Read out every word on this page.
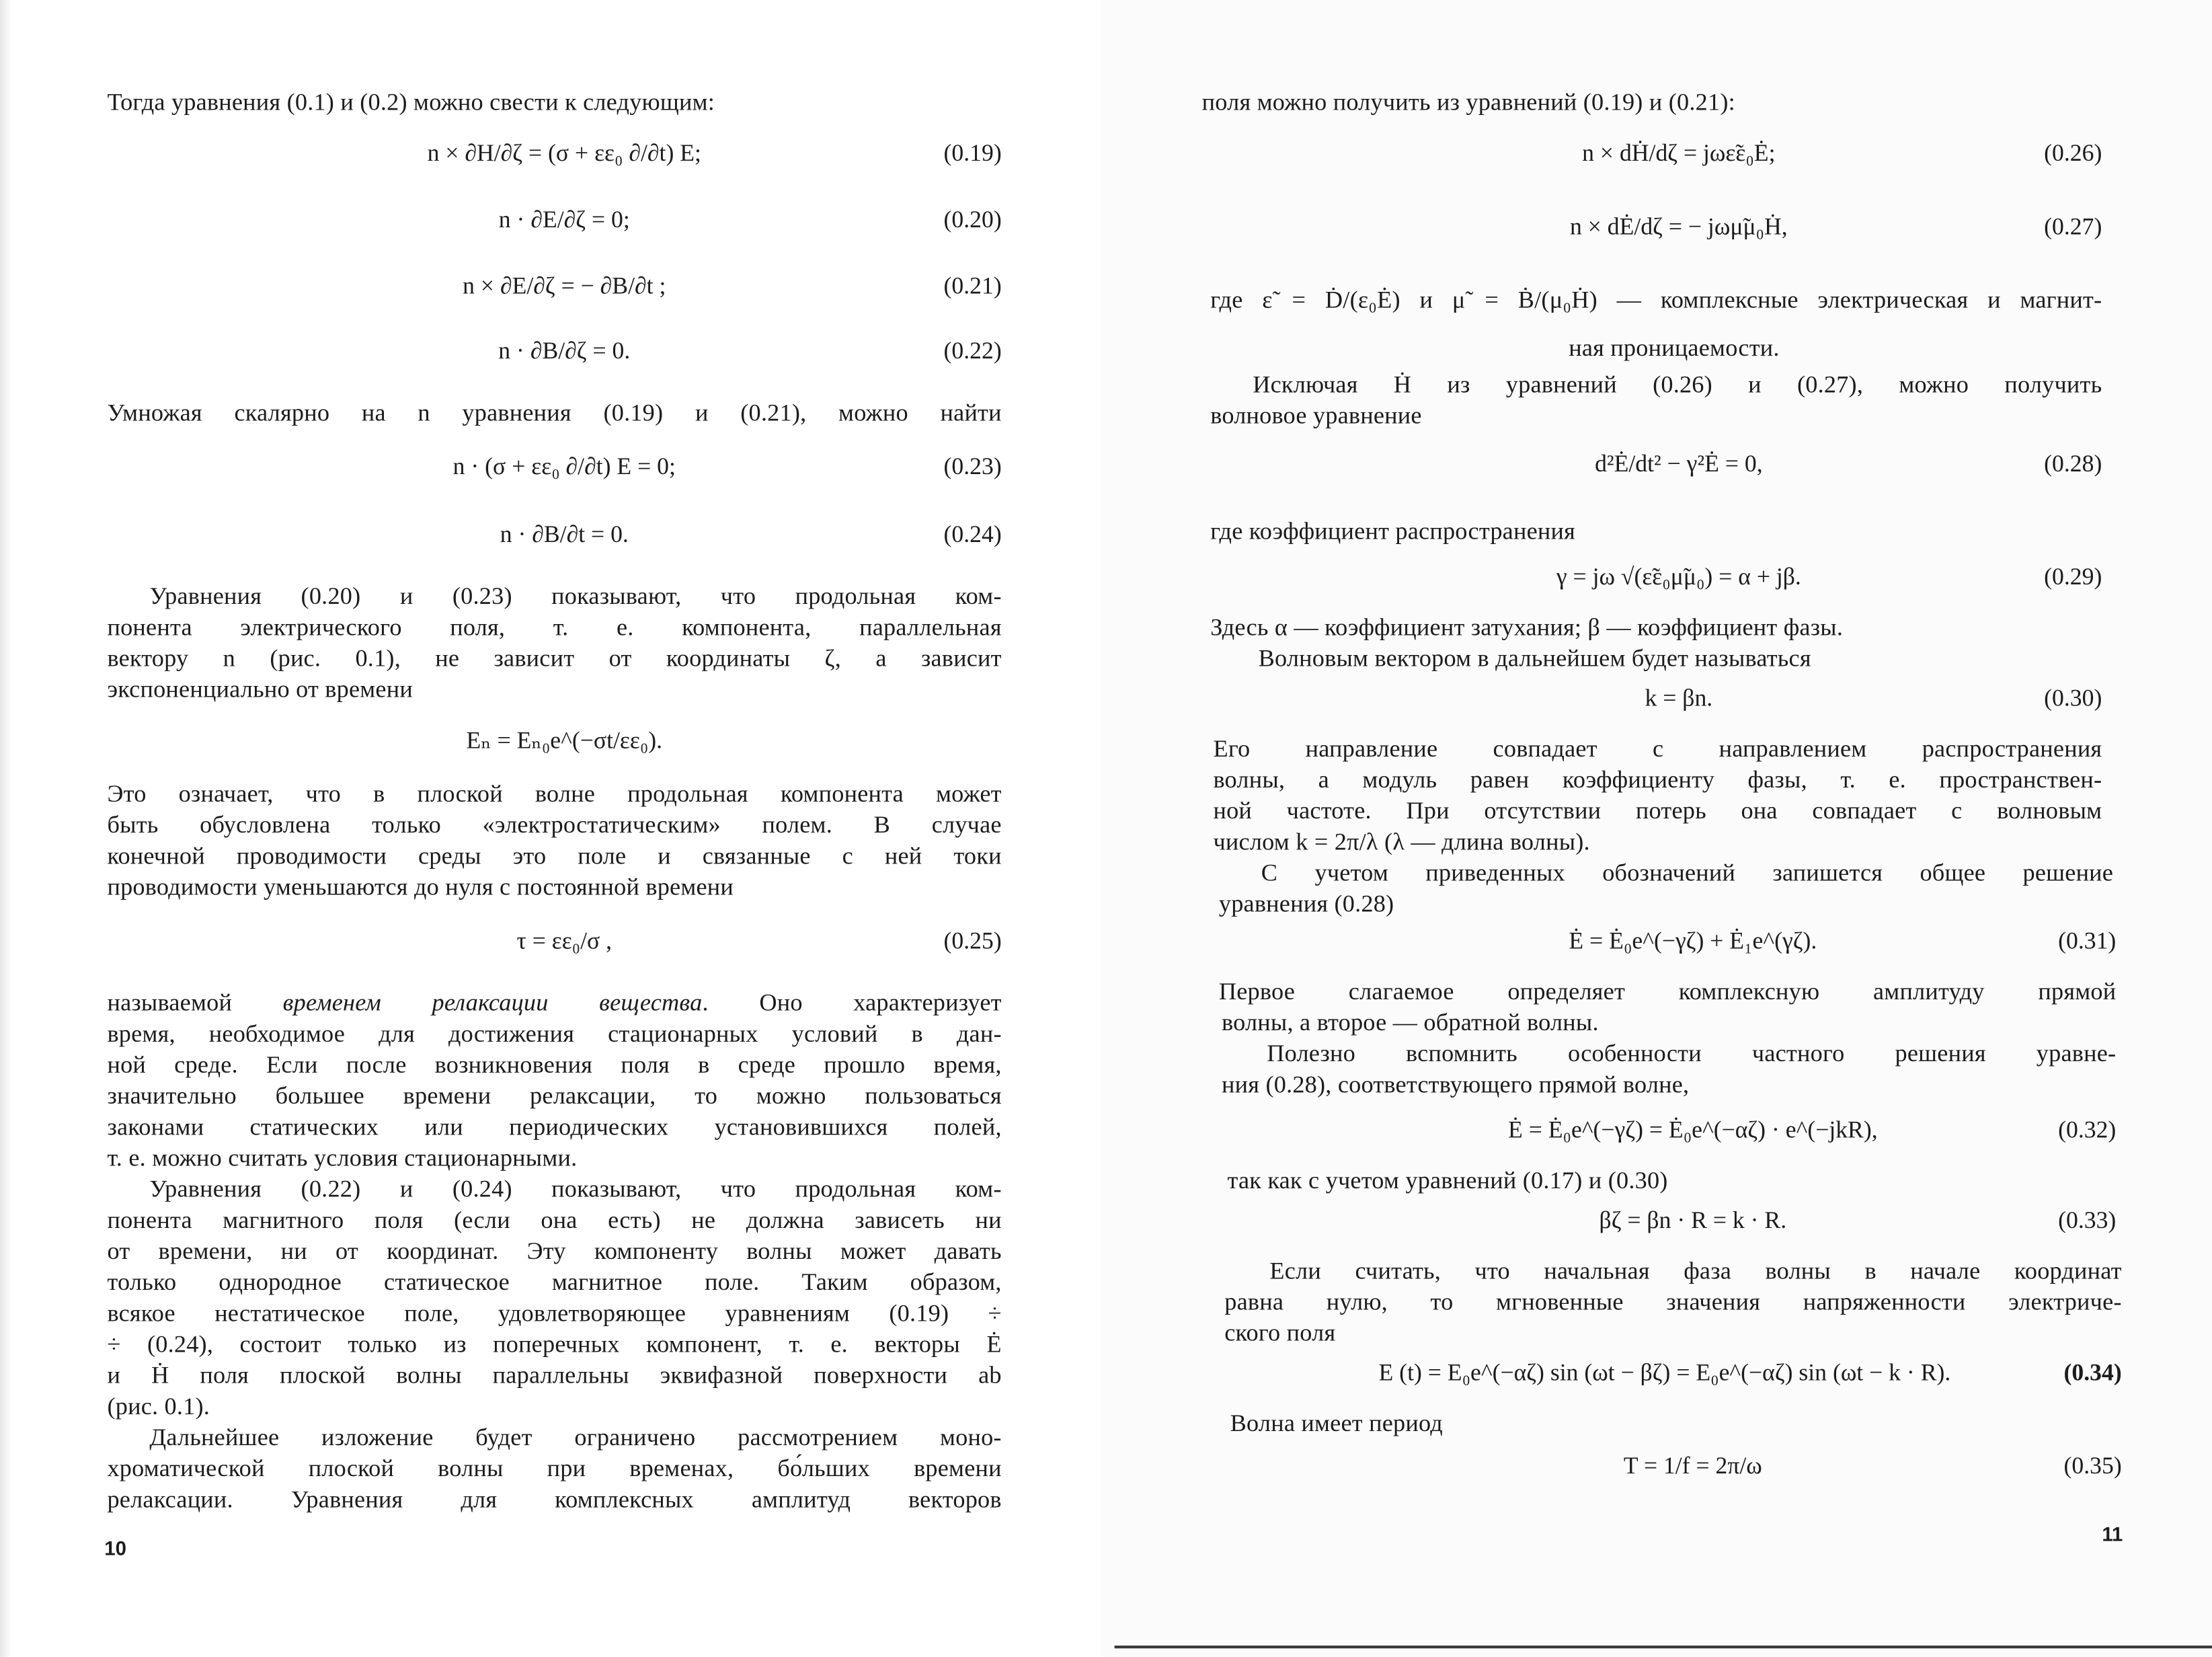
Тогда уравнения (0.1) и (0.2) можно свести к следующим:
n × ∂H/∂ζ = (σ + εε₀ ∂/∂t) E;	(0.19)
n · ∂E/∂ζ = 0;	(0.20)
n × ∂E/∂ζ = − ∂B/∂t ;	(0.21)
n · ∂B/∂ζ = 0.	(0.22)
Умножая скалярно на n уравнения (0.19) и (0.21), можно найти
n · (σ + εε₀ ∂/∂t) E = 0;	(0.23)
n · ∂B/∂t = 0.	(0.24)
Уравнения (0.20) и (0.23) показывают, что продольная ком-
понента электрического поля, т. е. компонента, параллельная
вектору n (рис. 0.1), не зависит от координаты ζ, а зависит
экспоненциально от времени
Eₙ = Eₙ₀e^(−σt/εε₀).
Это означает, что в плоской волне продольная компонента может
быть обусловлена только «электростатическим» полем. В случае
конечной проводимости среды это поле и связанные с ней токи
проводимости уменьшаются до нуля с постоянной времени
τ = εε₀/σ ,	(0.25)
называемой временем релаксации вещества. Оно характеризует
время, необходимое для достижения стационарных условий в дан-
ной среде. Если после возникновения поля в среде прошло время,
значительно большее времени релаксации, то можно пользоваться
законами статических или периодических установившихся полей,
т. е. можно считать условия стационарными.
Уравнения (0.22) и (0.24) показывают, что продольная ком-
понента магнитного поля (если она есть) не должна зависеть ни
от времени, ни от координат. Эту компоненту волны может давать
только однородное статическое магнитное поле. Таким образом,
всякое нестатическое поле, удовлетворяющее уравнениям (0.19) ÷
÷ (0.24), состоит только из поперечных компонент, т. е. векторы Ė
и Ḣ поля плоской волны параллельны эквифазной поверхности ab
(рис. 0.1).
Дальнейшее изложение будет ограничено рассмотрением моно-
хроматической плоской волны при временах, бо́льших времени
релаксации. Уравнения для комплексных амплитуд векторов
10
поля можно получить из уравнений (0.19) и (0.21):
n × dḢ/dζ = jωε̃ε₀Ė;	(0.26)
n × dĖ/dζ = − jωμ̃μ₀Ḣ,	(0.27)
где ε̃ = Ḋ/(ε₀Ė) и μ̃ = Ḃ/(μ₀Ḣ) — комплексные электрическая и магнит-
ная проницаемости.
Исключая Ḣ из уравнений (0.26) и (0.27), можно получить
волновое уравнение
d²Ė/dt² − γ²Ė = 0,	(0.28)
где коэффициент распространения
γ = jω √(ε̃ε₀μ̃μ₀) = α + jβ.	(0.29)
Здесь α — коэффициент затухания; β — коэффициент фазы.
Волновым вектором в дальнейшем будет называться
k = βn.	(0.30)
Его направление совпадает с направлением распространения
волны, а модуль равен коэффициенту фазы, т. е. пространствен-
ной частоте. При отсутствии потерь она совпадает с волновым
числом k = 2π/λ (λ — длина волны).
С учетом приведенных обозначений запишется общее решение
уравнения (0.28)
Ė = Ė₀e^(−γζ) + Ė₁e^(γζ).	(0.31)
Первое слагаемое определяет комплексную амплитуду прямой
волны, а второе — обратной волны.
Полезно вспомнить особенности частного решения уравне-
ния (0.28), соответствующего прямой волне,
Ė = Ė₀e^(−γζ) = Ė₀e^(−αζ) · e^(−jkR),	(0.32)
так как с учетом уравнений (0.17) и (0.30)
βζ = βn · R = k · R.	(0.33)
Если считать, что начальная фаза волны в начале координат
равна нулю, то мгновенные значения напряженности электриче-
ского поля
E (t) = E₀e^(−αζ) sin (ωt − βζ) = E₀e^(−αζ) sin (ωt − k · R).	(0.34)
Волна имеет период
T = 1/f = 2π/ω	(0.35)
11
